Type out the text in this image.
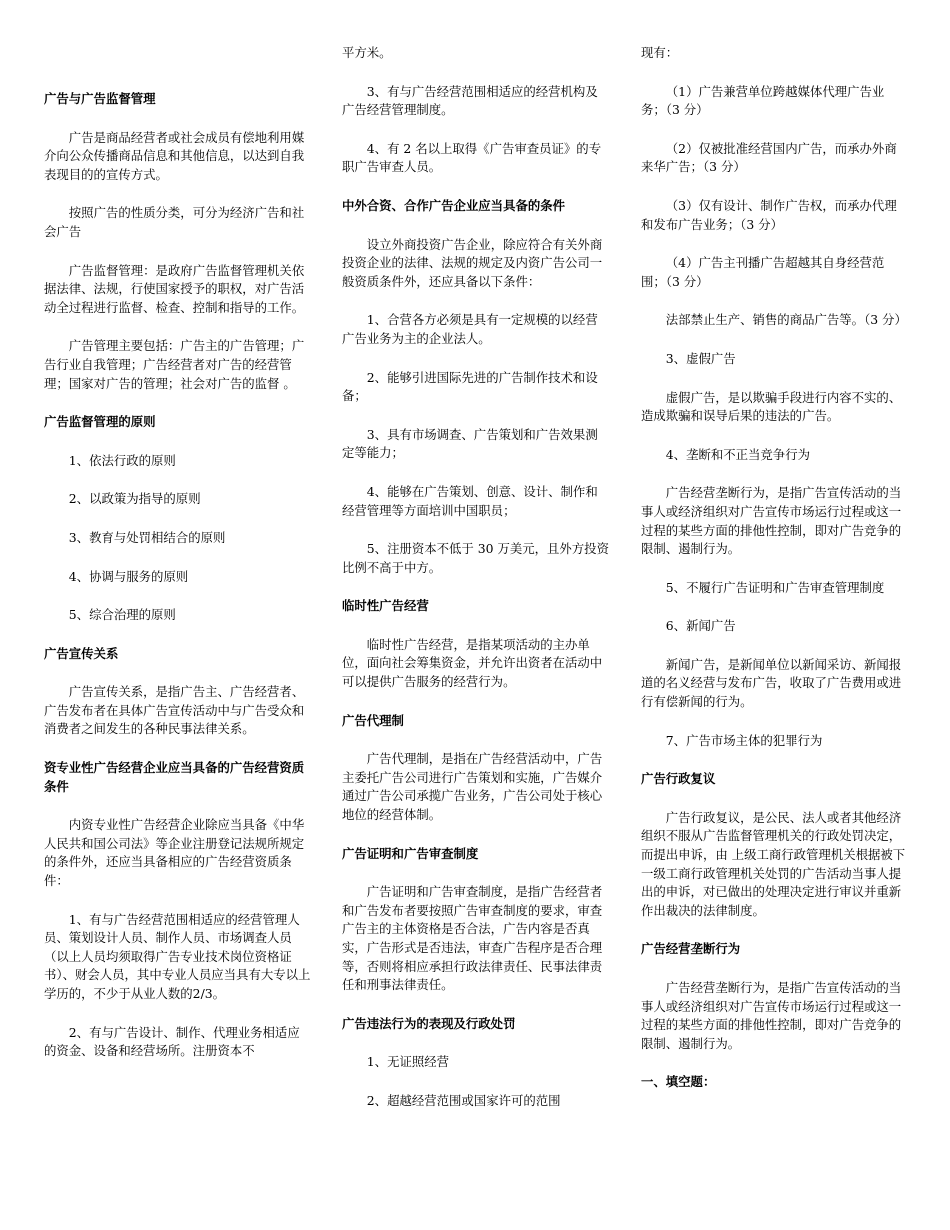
广告与广告监督管理

广告是商品经营者或社会成员有偿地利用媒介向公众传播商品信息和其他信息，以达到自我表现目的的宣传方式。

按照广告的性质分类，可分为经济广告和社会广告

广告监督管理：是政府广告监督管理机关依据法律、法规，行使国家授予的职权，对广告活动全过程进行监督、检查、控制和指导的工作。

广告管理主要包括：广告主的广告管理；广告行业自我管理；广告经营者对广告的经营管理；国家对广告的管理；社会对广告的监督 。

广告监督管理的原则

1、依法行政的原则

2、以政策为指导的原则

3、教育与处罚相结合的原则

4、协调与服务的原则

5、综合治理的原则

广告宣传关系

广告宣传关系，是指广告主、广告经营者、广告发布者在具体广告宣传活动中与广告受众和消费者之间发生的各种民事法律关系。

资专业性广告经营企业应当具备的广告经营资质条件

内资专业性广告经营企业除应当具备《中华人民共和国公司法》等企业注册登记法规所规定的条件外，还应当具备相应的广告经营资质条件：

1、有与广告经营范围相适应的经营管理人员、策划设计人员、制作人员、市场调查人员（以上人员均须取得广告专业技术岗位资格证书）、财会人员，其中专业人员应当具有大专以上学历的，不少于从业人数的2/3。

2、有与广告设计、制作、代理业务相适应的资金、设备和经营场所。注册资本不

平方米。

3、有与广告经营范围相适应的经营机构及广告经营管理制度。

4、有 2 名以上取得《广告审查员证》的专职广告审查人员。

中外合资、合作广告企业应当具备的条件

设立外商投资广告企业，除应符合有关外商投资企业的法律、法规的规定及内资广告公司一般资质条件外，还应具备以下条件：

1、合营各方必须是具有一定规模的以经营广告业务为主的企业法人。

2、能够引进国际先进的广告制作技术和设备；

3、具有市场调查、广告策划和广告效果测定等能力；

4、能够在广告策划、创意、设计、制作和经营管理等方面培训中国职员；

5、注册资本不低于 30 万美元，且外方投资比例不高于中方。

临时性广告经营

临时性广告经营，是指某项活动的主办单位，面向社会筹集资金，并允许出资者在活动中可以提供广告服务的经营行为。

广告代理制

广告代理制，是指在广告经营活动中，广告主委托广告公司进行广告策划和实施，广告媒介通过广告公司承揽广告业务，广告公司处于核心地位的经营体制。

广告证明和广告审查制度

广告证明和广告审查制度，是指广告经营者和广告发布者要按照广告审查制度的要求，审查广告主的主体资格是否合法，广告内容是否真实，广告形式是否违法，审查广告程序是否合理等，否则将相应承担行政法律责任、民事法律责任和刑事法律责任。

广告违法行为的表现及行政处罚

1、无证照经营

2、超越经营范围或国家许可的范围

现有：

（1）广告兼营单位跨越媒体代理广告业务；（3 分）

（2）仅被批准经营国内广告，而承办外商来华广告；（3 分）

（3）仅有设计、制作广告权，而承办代理和发布广告业务；（3 分）

（4）广告主刊播广告超越其自身经营范围；（3 分）

法部禁止生产、销售的商品广告等。（3 分）

3、虚假广告

虚假广告，是以欺骗手段进行内容不实的、造成欺骗和误导后果的违法的广告。

4、垄断和不正当竞争行为

广告经营垄断行为，是指广告宣传活动的当事人或经济组织对广告宣传市场运行过程或这一过程的某些方面的排他性控制，即对广告竞争的限制、遏制行为。

5、不履行广告证明和广告审查管理制度

6、新闻广告

新闻广告，是新闻单位以新闻采访、新闻报道的名义经营与发布广告，收取了广告费用或进行有偿新闻的行为。

7、广告市场主体的犯罪行为

广告行政复议

广告行政复议，是公民、法人或者其他经济组织不服从广告监督管理机关的行政处罚决定，而提出申诉，由 上级工商行政管理机关根据被下一级工商行政管理机关处罚的广告活动当事人提出的申诉，对已做出的处理决定进行审议并重新作出裁决的法律制度。

广告经营垄断行为

广告经营垄断行为，是指广告宣传活动的当事人或经济组织对广告宣传市场运行过程或这一过程的某些方面的排他性控制，即对广告竞争的限制、遏制行为。

一、填空题：
